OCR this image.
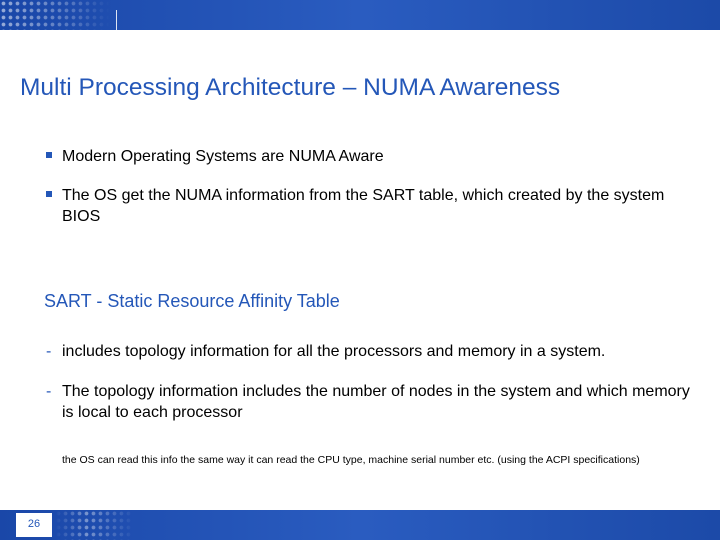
Multi Processing Architecture – NUMA Awareness
Modern Operating Systems are NUMA Aware
The OS get the NUMA information from the SART table, which created by the system BIOS
SART - Static Resource Affinity Table
- includes topology information for all the processors and memory in a system.
- The topology information includes the number of nodes in the system and which memory is local to each processor
the OS can read this info the same way it can read the CPU type, machine serial number etc. (using the ACPI specifications)
26
